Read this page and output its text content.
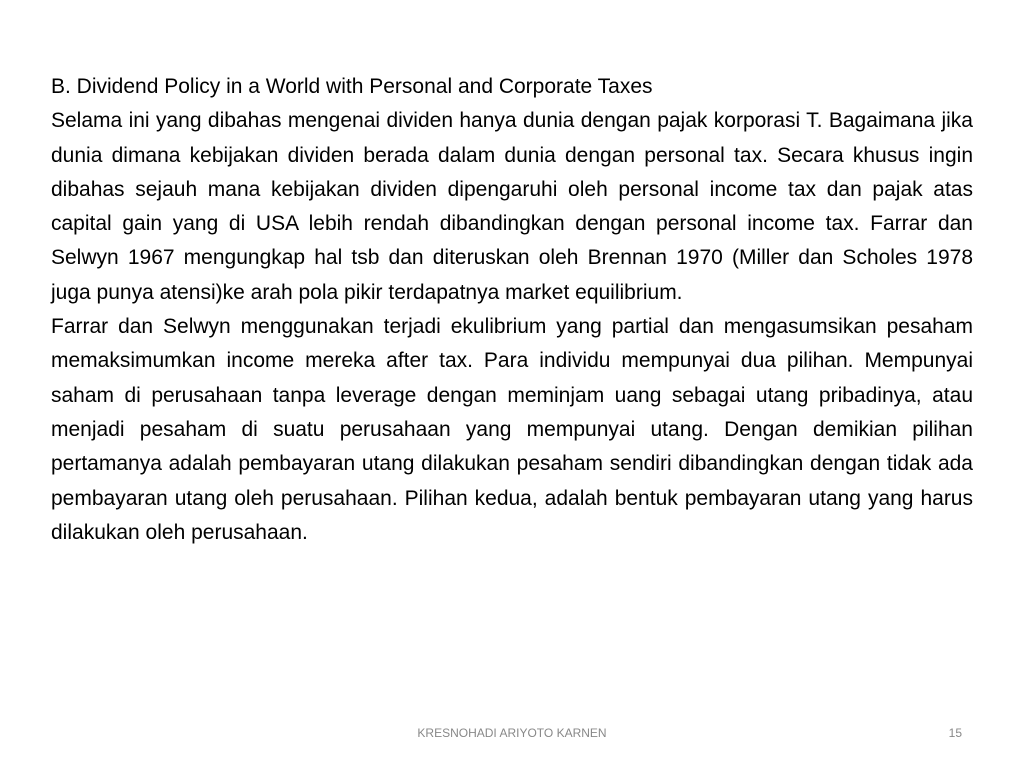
B. Dividend Policy in a World with Personal and Corporate Taxes

Selama ini yang dibahas mengenai dividen hanya dunia dengan pajak korporasi T. Bagaimana jika dunia dimana kebijakan dividen berada dalam dunia dengan personal tax. Secara khusus ingin dibahas sejauh mana kebijakan dividen dipengaruhi oleh personal income tax dan pajak atas capital gain yang di USA lebih rendah dibandingkan dengan personal income tax. Farrar dan Selwyn 1967 mengungkap hal tsb dan diteruskan oleh Brennan 1970 (Miller dan Scholes 1978 juga punya atensi)ke arah pola pikir terdapatnya market equilibrium.

Farrar dan Selwyn menggunakan terjadi ekulibrium yang partial dan mengasumsikan pesaham memaksimumkan income mereka after tax. Para individu mempunyai dua pilihan. Mempunyai saham di perusahaan tanpa leverage dengan meminjam uang sebagai utang pribadinya, atau menjadi pesaham di suatu perusahaan yang mempunyai utang. Dengan demikian pilihan pertamanya adalah pembayaran utang dilakukan pesaham sendiri dibandingkan dengan tidak ada pembayaran utang oleh perusahaan. Pilihan kedua, adalah bentuk pembayaran utang yang harus dilakukan oleh perusahaan.

KRESNOHADI ARIYOTO KARNEN	15
